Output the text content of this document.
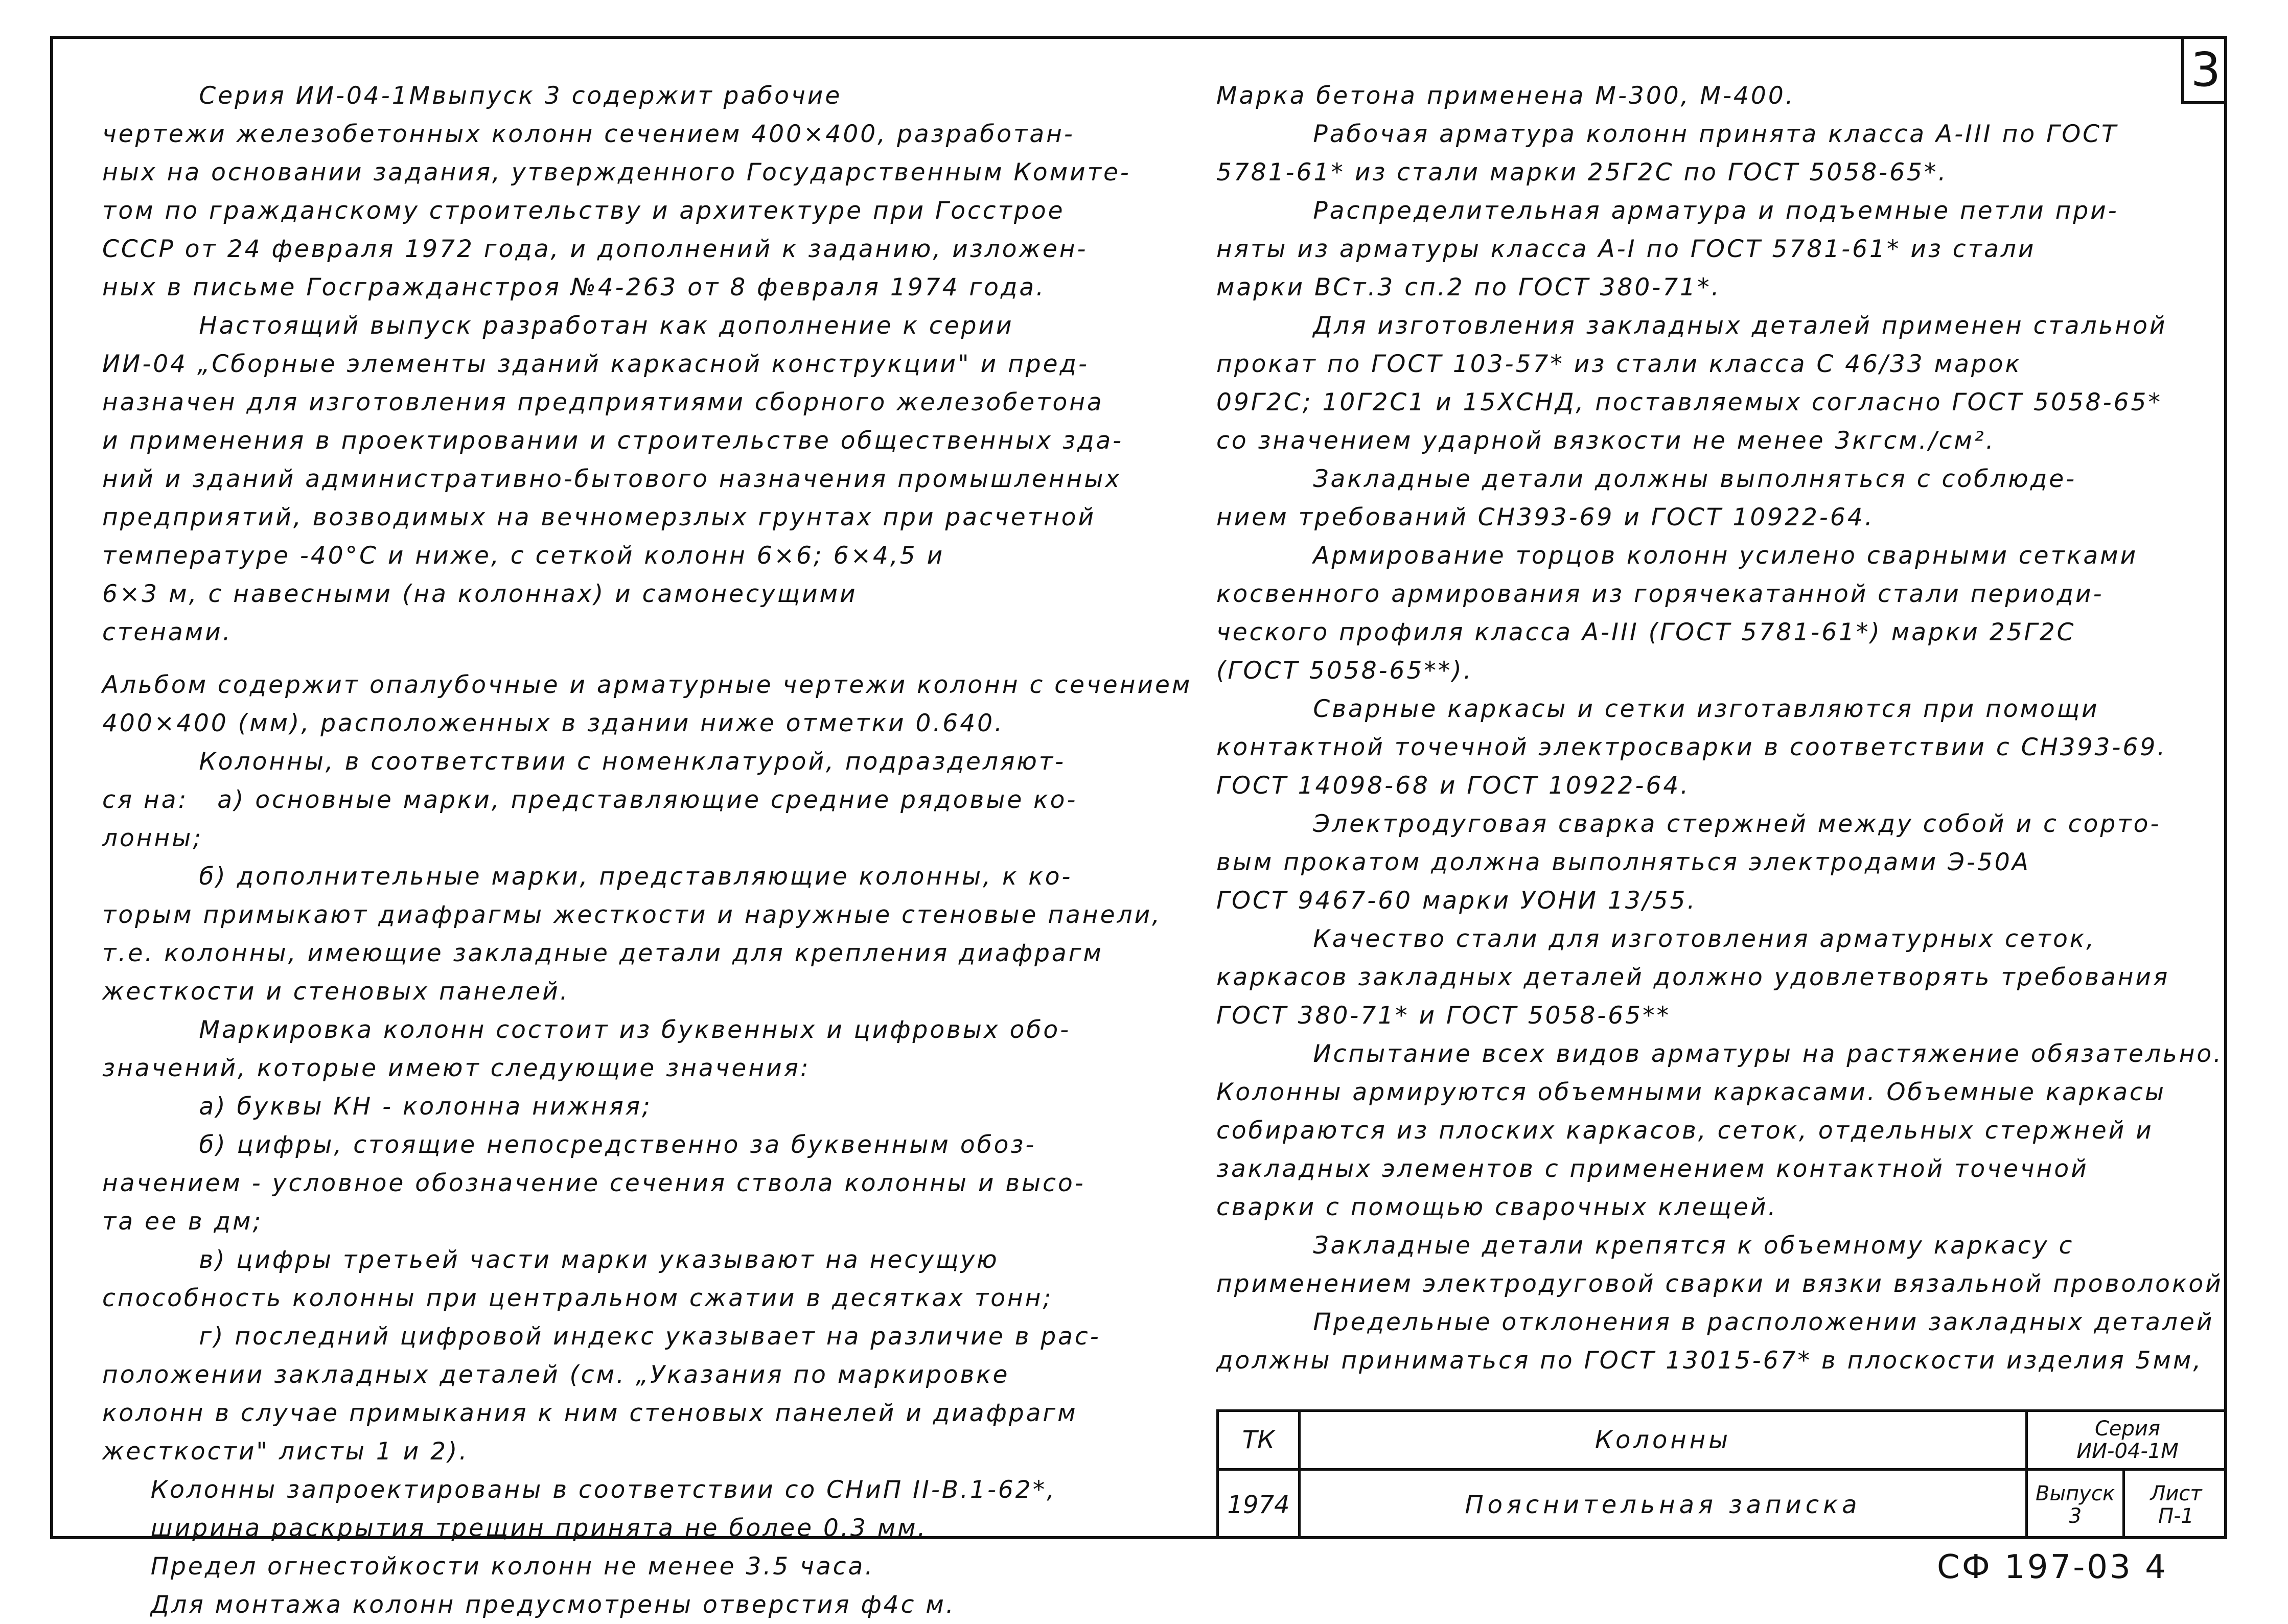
3

Серия ИИ-04-1Мвыпуск 3 содержит рабочие

чертежи железобетонных колонн сечением 400×400, разработан-

ных на основании задания, утвержденного Государственным Комите-

том по гражданскому строительству и архитектуре при Госстрое

СССР от 24 февраля 1972 года, и дополнений к заданию, изложен-

ных в письме Госгражданстроя №4-263 от 8 февраля 1974 года.

Настоящий выпуск разработан как дополнение к серии

ИИ-04 „Сборные элементы зданий каркасной конструкции" и пред-

назначен для изготовления предприятиями сборного железобетона

и применения в проектировании и строительстве общественных зда-

ний и зданий административно-бытового назначения промышленных

предприятий, возводимых на вечномерзлых грунтах при расчетной

температуре -40°С и ниже, с сеткой колонн 6×6; 6×4,5 и

6×3 м, с навесными (на колоннах) и самонесущими

стенами.

Альбом содержит опалубочные и арматурные чертежи колонн с сечением

400×400 (мм), расположенных в здании ниже отметки 0.640.

Колонны, в соответствии с номенклатурой, подразделяют-

ся на:   а) основные марки, представляющие средние рядовые ко-

лонны;

б) дополнительные марки, представляющие колонны, к ко-

торым примыкают диафрагмы жесткости и наружные стеновые панели,

т.е. колонны, имеющие закладные детали для крепления диафрагм

жесткости и стеновых панелей.

Маркировка колонн состоит из буквенных и цифровых обо-

значений, которые имеют следующие значения:

а) буквы КН - колонна нижняя;

б) цифры, стоящие непосредственно за буквенным обоз-

начением - условное обозначение сечения ствола колонны и высо-

та ее в дм;

в) цифры третьей части марки указывают на несущую

способность колонны при центральном сжатии в десятках тонн;

г) последний цифровой индекс указывает на различие в рас-

положении закладных деталей (см. „Указания по маркировке

колонн в случае примыкания к ним стеновых панелей и диафрагм

жесткости" листы 1 и 2).

Колонны запроектированы в соответствии со СНиП II-В.1-62*,

ширина раскрытия трещин принята не более 0.3 мм.

Предел огнестойкости колонн не менее 3.5 часа.

Для монтажа колонн предусмотрены отверстия ф4с м.

Марка бетона применена М-300, М-400.

Рабочая арматура колонн принята класса А-III по ГОСТ

5781-61* из стали марки 25Г2С по ГОСТ 5058-65*.

Распределительная арматура и подъемные петли при-

няты из арматуры класса А-I по ГОСТ 5781-61* из стали

марки ВСт.3 сп.2 по ГОСТ 380-71*.

Для изготовления закладных деталей применен стальной

прокат по ГОСТ 103-57* из стали класса С 46/33 марок

09Г2С; 10Г2С1 и 15ХСНД, поставляемых согласно ГОСТ 5058-65*

со значением ударной вязкости не менее 3кгсм./см².

Закладные детали должны выполняться с соблюде-

нием требований СН393-69 и ГОСТ 10922-64.

Армирование торцов колонн усилено сварными сетками

косвенного армирования из горячекатанной стали периоди-

ческого профиля класса А-III (ГОСТ 5781-61*) марки 25Г2С

(ГОСТ 5058-65**).

Сварные каркасы и сетки изготавляются при помощи

контактной точечной электросварки в соответствии с СН393-69.

ГОСТ 14098-68 и ГОСТ 10922-64.

Электродуговая сварка стержней между собой и с сорто-

вым прокатом должна выполняться электродами Э-50А

ГОСТ 9467-60 марки УОНИ 13/55.

Качество стали для изготовления арматурных сеток,

каркасов закладных деталей должно удовлетворять требования

ГОСТ 380-71* и ГОСТ 5058-65**

Испытание всех видов арматуры на растяжение обязательно.

Колонны армируются объемными каркасами. Объемные каркасы

собираются из плоских каркасов, сеток, отдельных стержней и

закладных элементов с применением контактной точечной

сварки с помощью сварочных клещей.

Закладные детали крепятся к объемному каркасу с

применением электродуговой сварки и вязки вязальной проволокой.

Предельные отклонения в расположении закладных деталей

должны приниматься по ГОСТ 13015-67* в плоскости изделия 5мм,

ТК
1974
Колонны
Пояснительная записка
Серия
ИИ-04-1М
Выпуск
3
Лист
П-1
СФ 197-03 4
